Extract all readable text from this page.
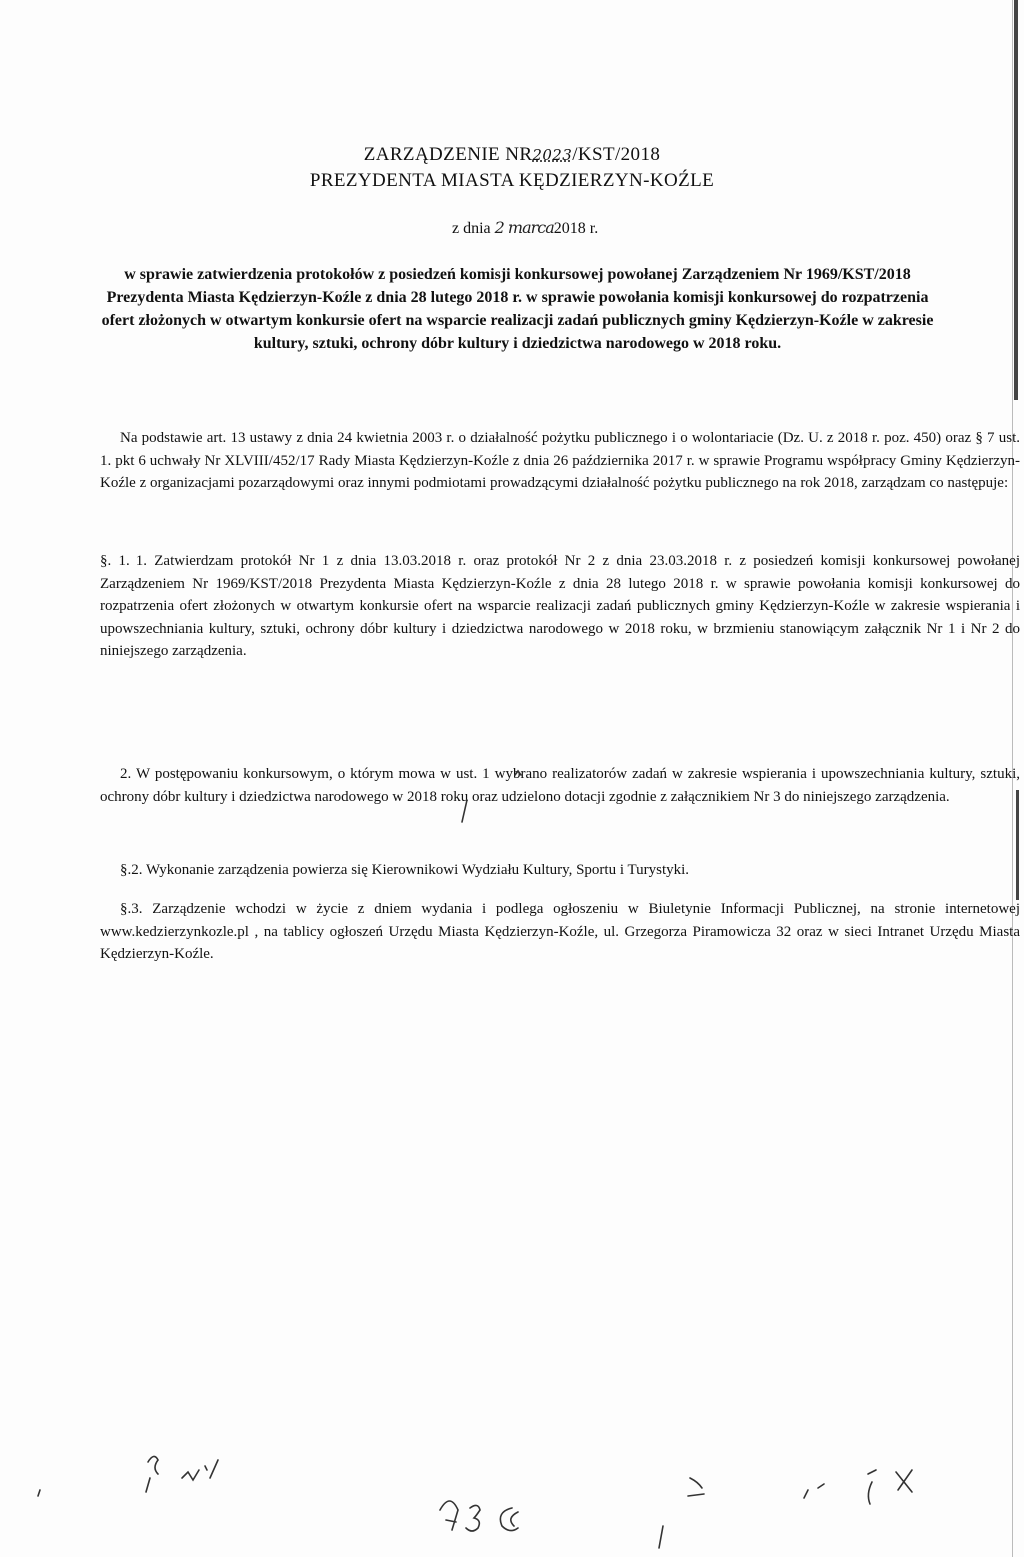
ZARZĄDZENIE NR2023/KST/2018
PREZYDENTA MIASTA KĘDZIERZYN-KOŹLE
z dnia 2 marca2018 r.
w sprawie zatwierdzenia protokołów z posiedzeń komisji konkursowej powołanej Zarządzeniem Nr 1969/KST/2018 Prezydenta Miasta Kędzierzyn-Koźle z dnia 28 lutego 2018 r. w sprawie powołania komisji konkursowej do rozpatrzenia ofert złożonych w otwartym konkursie ofert na wsparcie realizacji zadań publicznych gminy Kędzierzyn-Koźle w zakresie kultury, sztuki, ochrony dóbr kultury i dziedzictwa narodowego w 2018 roku.
Na podstawie art. 13 ustawy z dnia 24 kwietnia 2003 r. o działalność pożytku publicznego i o wolontariacie (Dz. U. z 2018 r. poz. 450) oraz § 7 ust. 1. pkt 6 uchwały Nr XLVIII/452/17 Rady Miasta Kędzierzyn-Koźle z dnia 26 października 2017 r. w sprawie Programu współpracy Gminy Kędzierzyn-Koźle z organizacjami pozarządowymi oraz innymi podmiotami prowadzącymi działalność pożytku publicznego na rok 2018, zarządzam co następuje:
§. 1. 1. Zatwierdzam protokół Nr 1 z dnia 13.03.2018 r. oraz protokół Nr 2 z dnia 23.03.2018 r. z posiedzeń komisji konkursowej powołanej Zarządzeniem Nr 1969/KST/2018 Prezydenta Miasta Kędzierzyn-Koźle z dnia 28 lutego 2018 r. w sprawie powołania komisji konkursowej do rozpatrzenia ofert złożonych w otwartym konkursie ofert na wsparcie realizacji zadań publicznych gminy Kędzierzyn-Koźle w zakresie wspierania i upowszechniania kultury, sztuki, ochrony dóbr kultury i dziedzictwa narodowego w 2018 roku, w brzmieniu stanowiącym załącznik Nr 1 i Nr 2 do niniejszego zarządzenia.
2. W postępowaniu konkursowym, o którym mowa w ust. 1 wybrano realizatorów zadań w zakresie wspierania i upowszechniania kultury, sztuki, ochrony dóbr kultury i dziedzictwa narodowego w 2018 roku oraz udzielono dotacji zgodnie z załącznikiem Nr 3 do niniejszego zarządzenia.
§.2. Wykonanie zarządzenia powierza się Kierownikowi Wydziału Kultury, Sportu i Turystyki.
§.3. Zarządzenie wchodzi w życie z dniem wydania i podlega ogłoszeniu w Biuletynie Informacji Publicznej, na stronie internetowej www.kedzierzynkozle.pl , na tablicy ogłoszeń Urzędu Miasta Kędzierzyn-Koźle, ul. Grzegorza Piramowicza 32 oraz w sieci Intranet Urzędu Miasta Kędzierzyn-Koźle.
